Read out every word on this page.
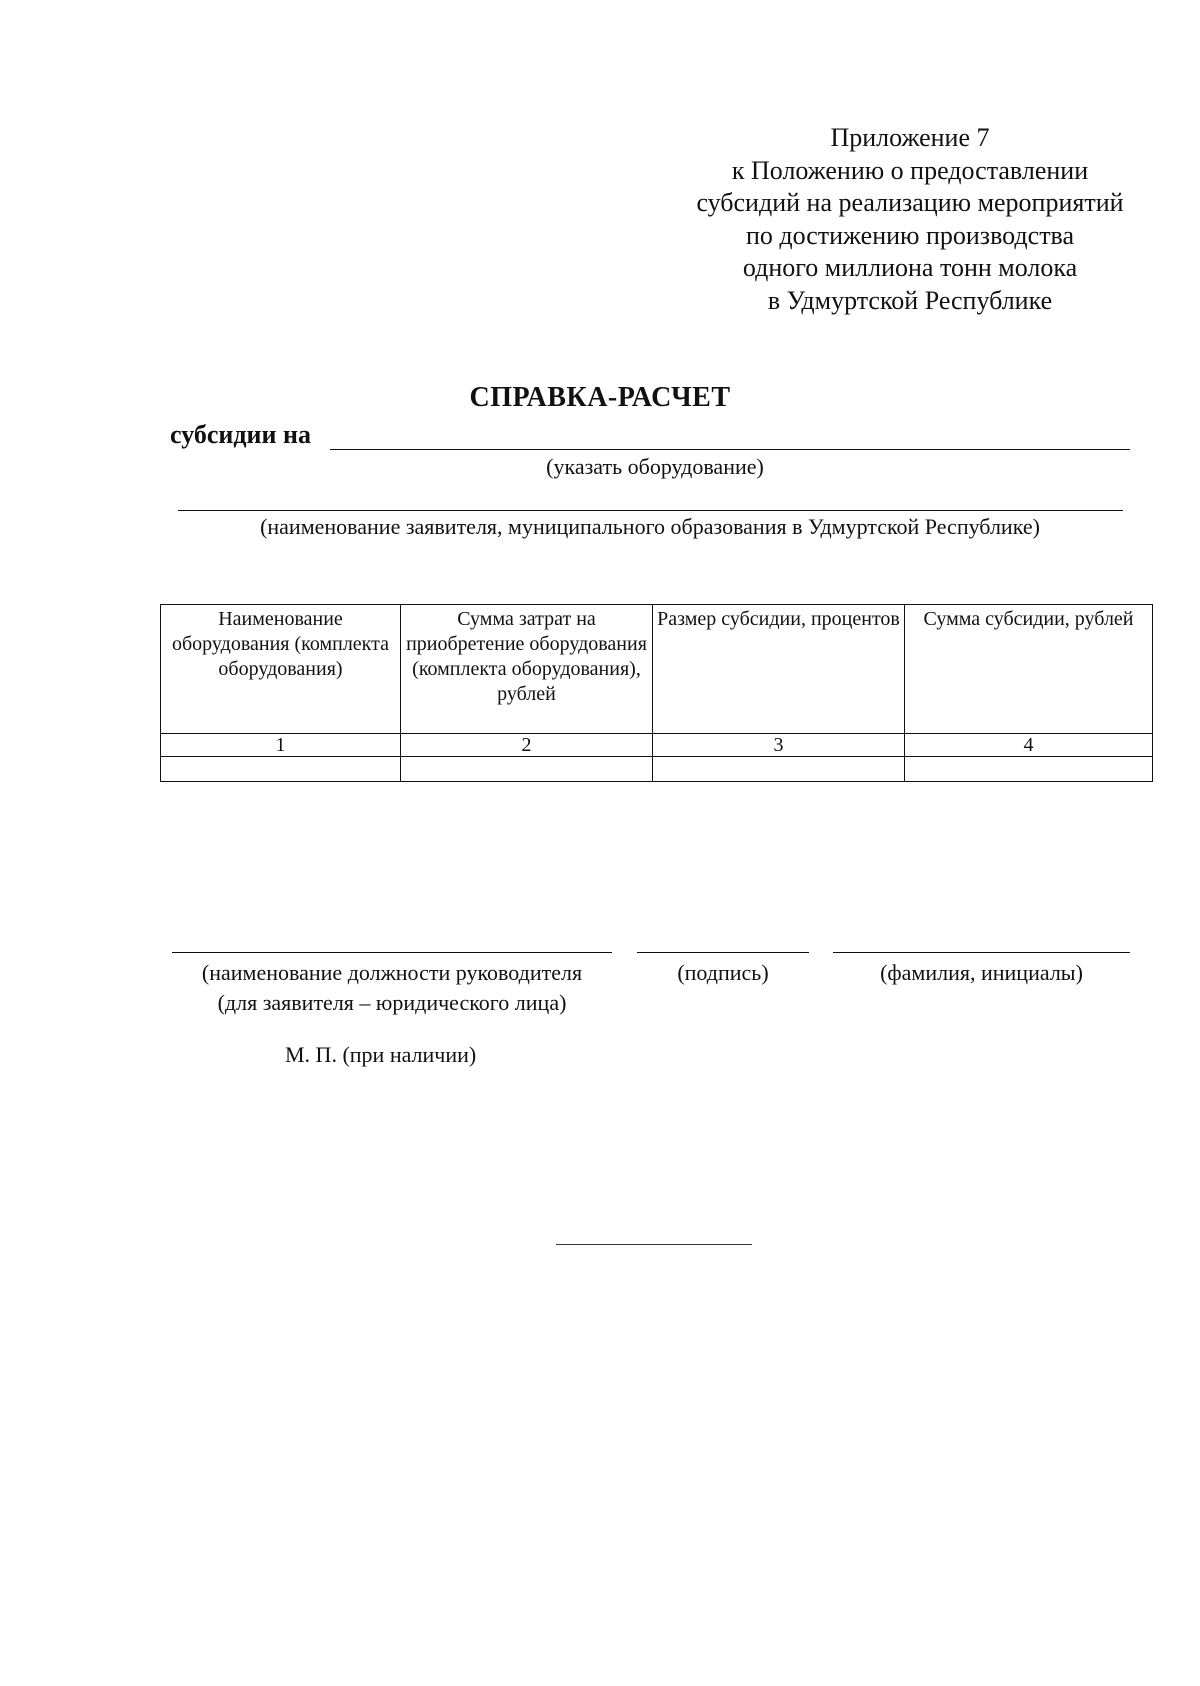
Приложение 7
к Положению о предоставлении
субсидий на реализацию мероприятий
по достижению производства
одного миллиона тонн молока
в Удмуртской Республике
СПРАВКА-РАСЧЕТ
субсидии на
(указать оборудование)
(наименование заявителя, муниципального образования в Удмуртской Республике)
Наименование оборудования (комплекта оборудования)	Сумма затрат на приобретение оборудования (комплекта оборудования), рублей	Размер субсидии, процентов	Сумма субсидии, рублей
1	2	3	4

(наименование должности руководителя
(для заявителя – юридического лица)
(подпись)	(фамилия, инициалы)
М. П. (при наличии)
